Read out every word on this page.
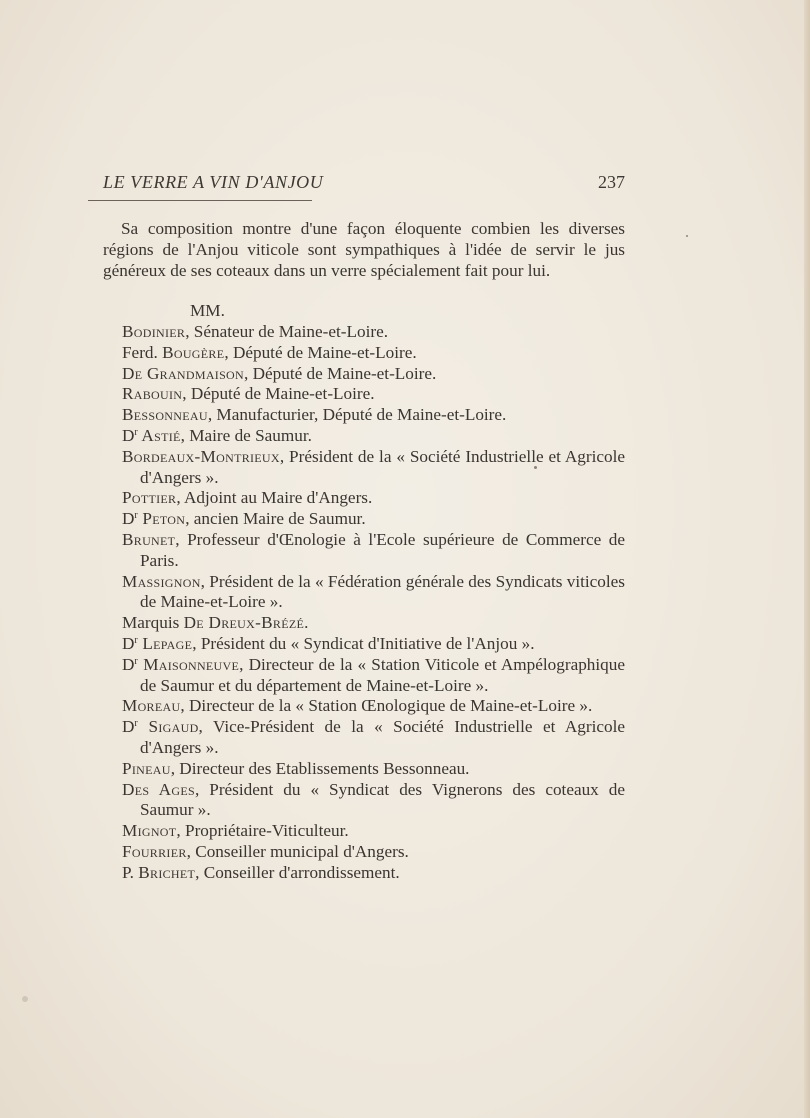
LE VERRE A VIN D'ANJOU	237

Sa composition montre d'une façon éloquente combien les diverses régions de l'Anjou viticole sont sympathiques à l'idée de servir le jus généreux de ses coteaux dans un verre spécialement fait pour lui.

MM.

Bodinier, Sénateur de Maine-et-Loire.

Ferd. Bougère, Député de Maine-et-Loire.

De Grandmaison, Député de Maine-et-Loire.

Rabouin, Député de Maine-et-Loire.

Bessonneau, Manufacturier, Député de Maine-et-Loire.

$D^r$ Astié, Maire de Saumur.

Bordeaux-Montrieux, Président de la « Société Industrielle et Agricole d'Angers ».

Pottier, Adjoint au Maire d'Angers.

$D^r$ Peton, ancien Maire de Saumur.

Brunet, Professeur d'Œnologie à l'Ecole supérieure de Commerce de Paris.

Massignon, Président de la « Fédération générale des Syndicats viticoles de Maine-et-Loire ».

Marquis De Dreux-Brézé.

$D^r$ Lepage, Président du « Syndicat d'Initiative de l'Anjou ».

$D^r$ Maisonneuve, Directeur de la « Station Viticole et Ampélographique de Saumur et du département de Maine-et-Loire ».

Moreau, Directeur de la « Station Œnologique de Maine-et-Loire ».

$D^r$ Sigaud, Vice-Président de la « Société Industrielle et Agricole d'Angers ».

Pineau, Directeur des Etablissements Bessonneau.

Des Ages, Président du « Syndicat des Vignerons des coteaux de Saumur ».

Mignot, Propriétaire-Viticulteur.

Fourrier, Conseiller municipal d'Angers.

P. Brichet, Conseiller d'arrondissement.
